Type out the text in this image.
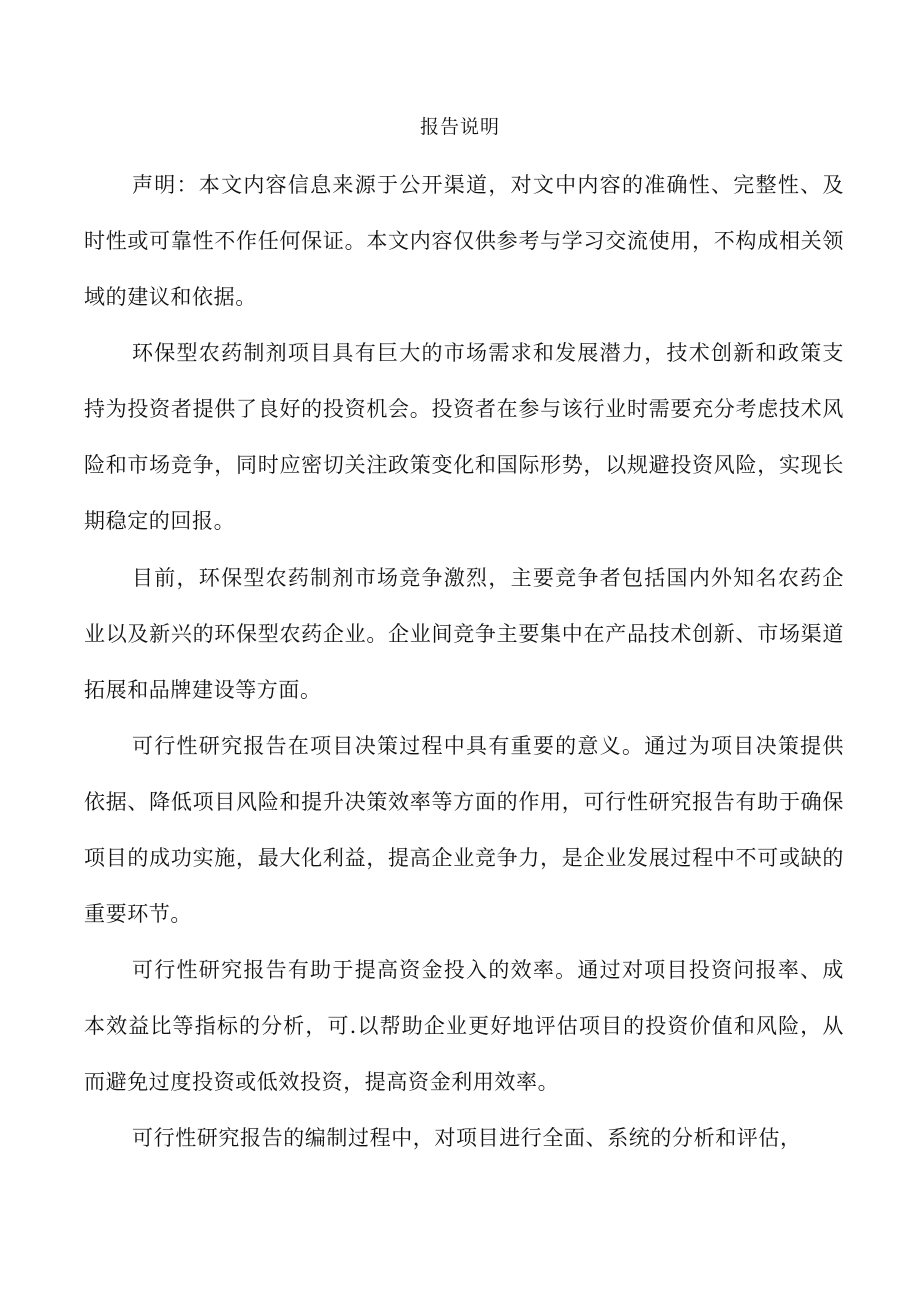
报告说明

声明：本文内容信息来源于公开渠道，对文中内容的准确性、完整性、及时性或可靠性不作任何保证。本文内容仅供参考与学习交流使用，不构成相关领域的建议和依据。

环保型农药制剂项目具有巨大的市场需求和发展潜力，技术创新和政策支持为投资者提供了良好的投资机会。投资者在参与该行业时需要充分考虑技术风险和市场竞争，同时应密切关注政策变化和国际形势，以规避投资风险，实现长期稳定的回报。

目前，环保型农药制剂市场竞争激烈，主要竞争者包括国内外知名农药企业以及新兴的环保型农药企业。企业间竞争主要集中在产品技术创新、市场渠道拓展和品牌建设等方面。

可行性研究报告在项目决策过程中具有重要的意义。通过为项目决策提供依据、降低项目风险和提升决策效率等方面的作用，可行性研究报告有助于确保项目的成功实施，最大化利益，提高企业竞争力，是企业发展过程中不可或缺的重要环节。

可行性研究报告有助于提高资金投入的效率。通过对项目投资问报率、成本效益比等指标的分析，可.以帮助企业更好地评估项目的投资价值和风险，从而避免过度投资或低效投资，提高资金利用效率。

可行性研究报告的编制过程中，对项目进行全面、系统的分析和评估，
